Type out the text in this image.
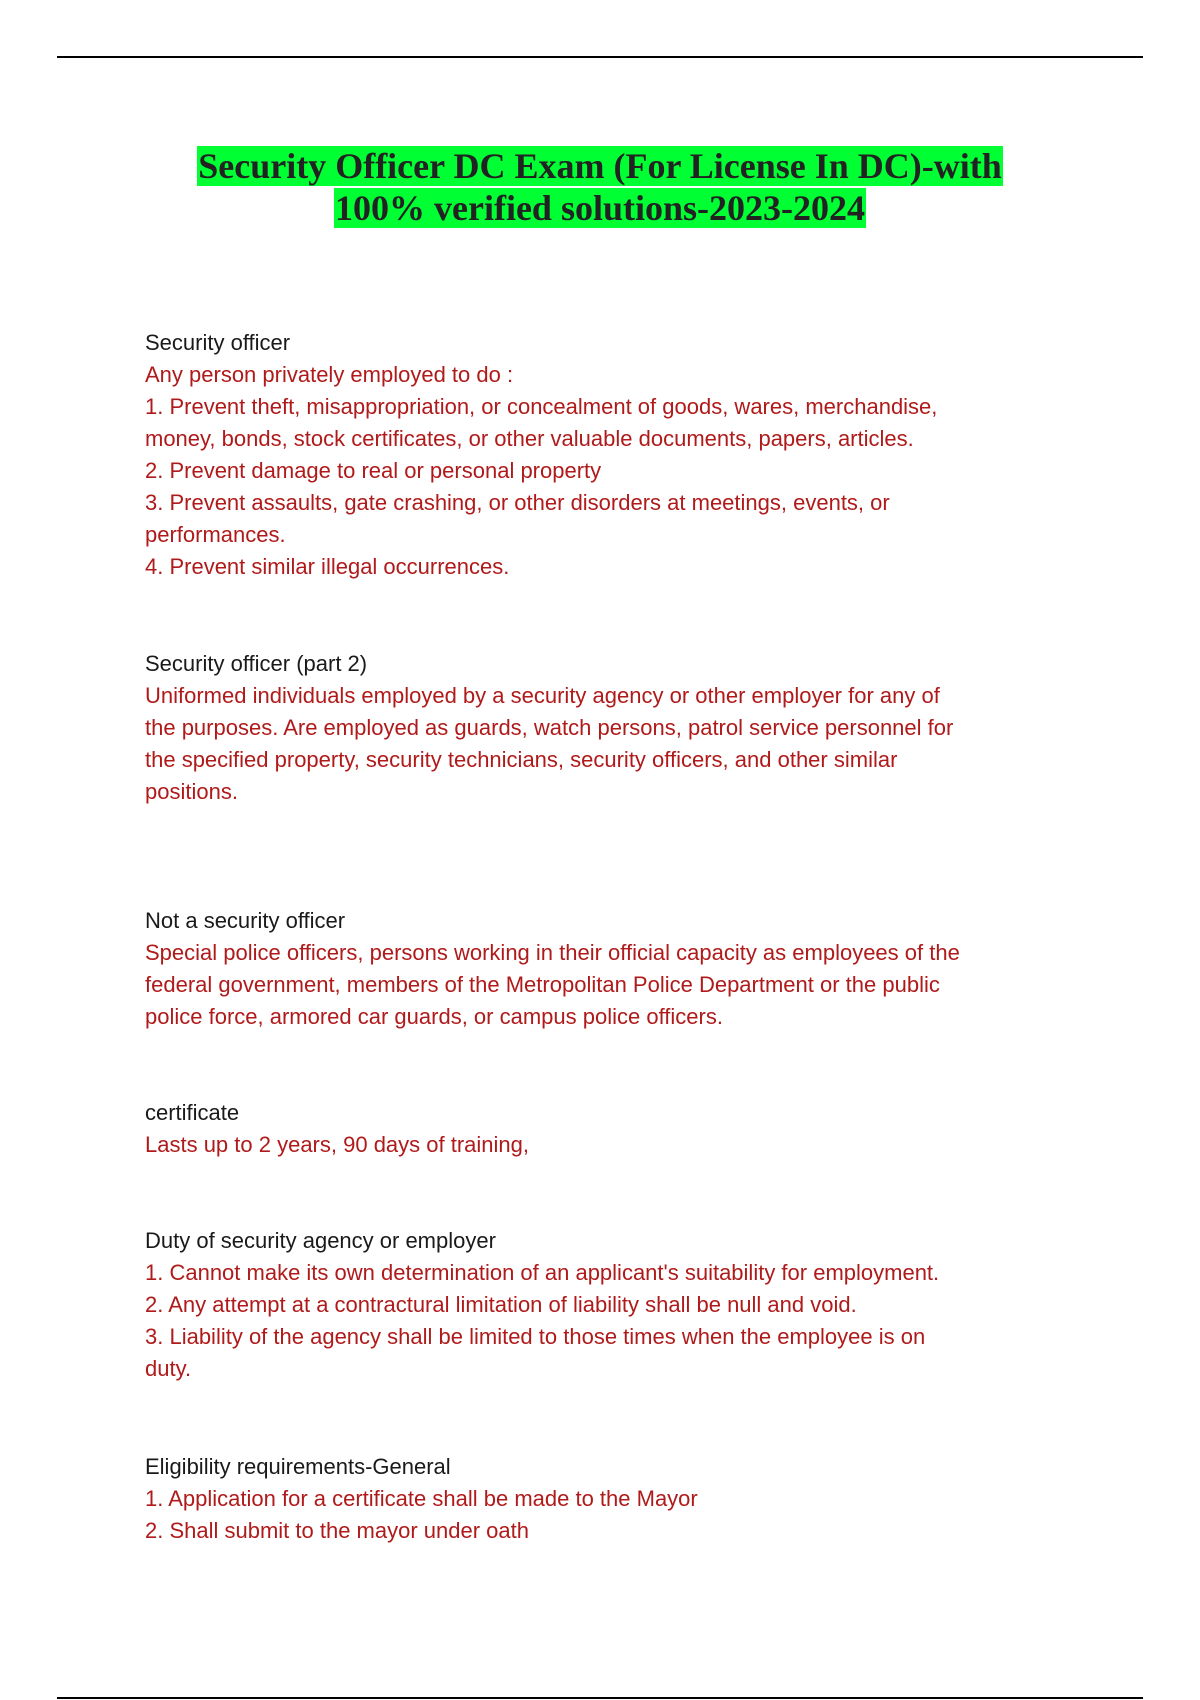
Security Officer DC Exam (For License In DC)-with
100% verified solutions-2023-2024

Security officer

Any person privately employed to do :

1. Prevent theft, misappropriation, or concealment of goods, wares, merchandise,

money, bonds, stock certificates, or other valuable documents, papers, articles.

2. Prevent damage to real or personal property

3. Prevent assaults, gate crashing, or other disorders at meetings, events, or

performances.

4. Prevent similar illegal occurrences.

Security officer (part 2)

Uniformed individuals employed by a security agency or other employer for any of

the purposes. Are employed as guards, watch persons, patrol service personnel for

the specified property, security technicians, security officers, and other similar

positions.

Not a security officer

Special police officers, persons working in their official capacity as employees of the

federal government, members of the Metropolitan Police Department or the public

police force, armored car guards, or campus police officers.

certificate

Lasts up to 2 years, 90 days of training,

Duty of security agency or employer

1. Cannot make its own determination of an applicant's suitability for employment.

2. Any attempt at a contractural limitation of liability shall be null and void.

3. Liability of the agency shall be limited to those times when the employee is on

duty.

Eligibility requirements-General

1. Application for a certificate shall be made to the Mayor

2. Shall submit to the mayor under oath
